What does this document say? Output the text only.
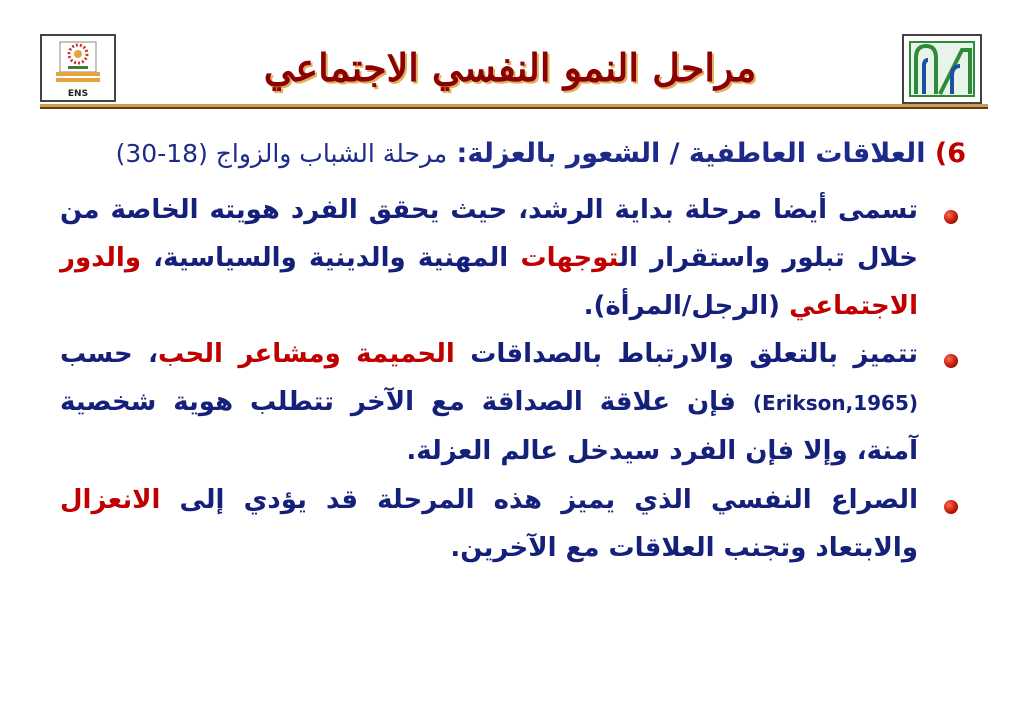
ENS
مراحل النمو النفسي الاجتماعي
6) العلاقات العاطفية / الشعور بالعزلة: مرحلة الشباب والزواج (18-30)

تسمى أيضا مرحلة بداية الرشد، حيث يحقق الفرد هويته الخاصة من خلال تبلور واستقرار التوجهات المهنية والدينية والسياسية، والدور الاجتماعي (الرجل/المرأة).

تتميز بالتعلق والارتباط بالصداقات الحميمة ومشاعر الحب، حسب (Erikson,1965) فإن علاقة الصداقة مع الآخر تتطلب هوية شخصية آمنة، وإلا فإن الفرد سيدخل عالم العزلة.

الصراع النفسي الذي يميز هذه المرحلة قد يؤدي إلى الانعزال والابتعاد وتجنب العلاقات مع الآخرين.
